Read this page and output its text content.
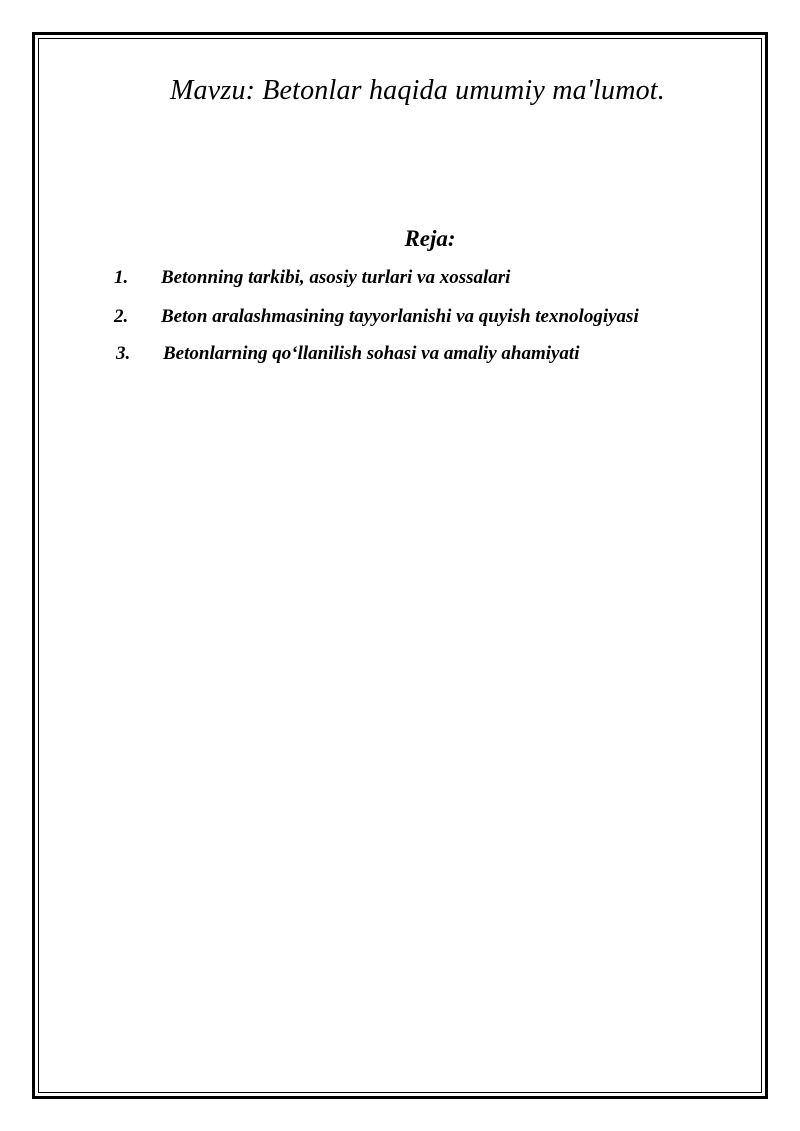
Mavzu: Betonlar haqida umumiy ma'lumot.
Reja:
1. Betonning tarkibi, asosiy turlari va xossalari
2. Beton aralashmasining tayyorlanishi va quyish texnologiyasi
3. Betonlarning qo‘llanilish sohasi va amaliy ahamiyati
